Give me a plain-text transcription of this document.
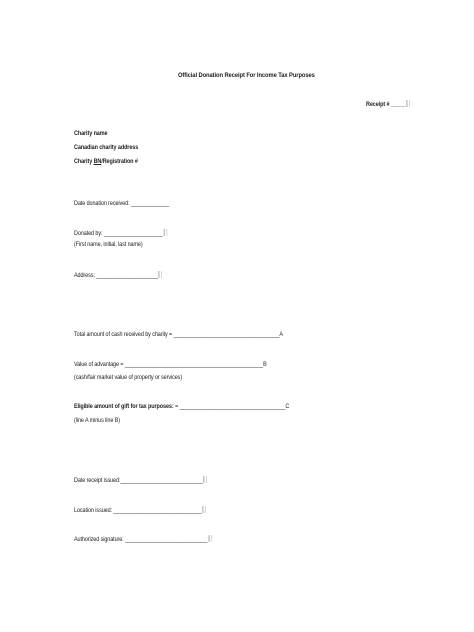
Official Donation Receipt For Income Tax Purposes
Receipt # _____
Charity name
Canadian charity address
Charity BN/Registration #
Date donation received: _____________
Donated by: ____________________
(First name, initial, last name)
Address: _____________________
Total amount of cash received by charity = ____________________________________A
Value of advantage = _______________________________________________B
(cash/fair market value of property or services)
Eligible amount of gift for tax purposes: = ____________________________________C
(line A minus line B)
Date receipt issued:____________________________
Location issued: ______________________________
Authorized signature: ____________________________
